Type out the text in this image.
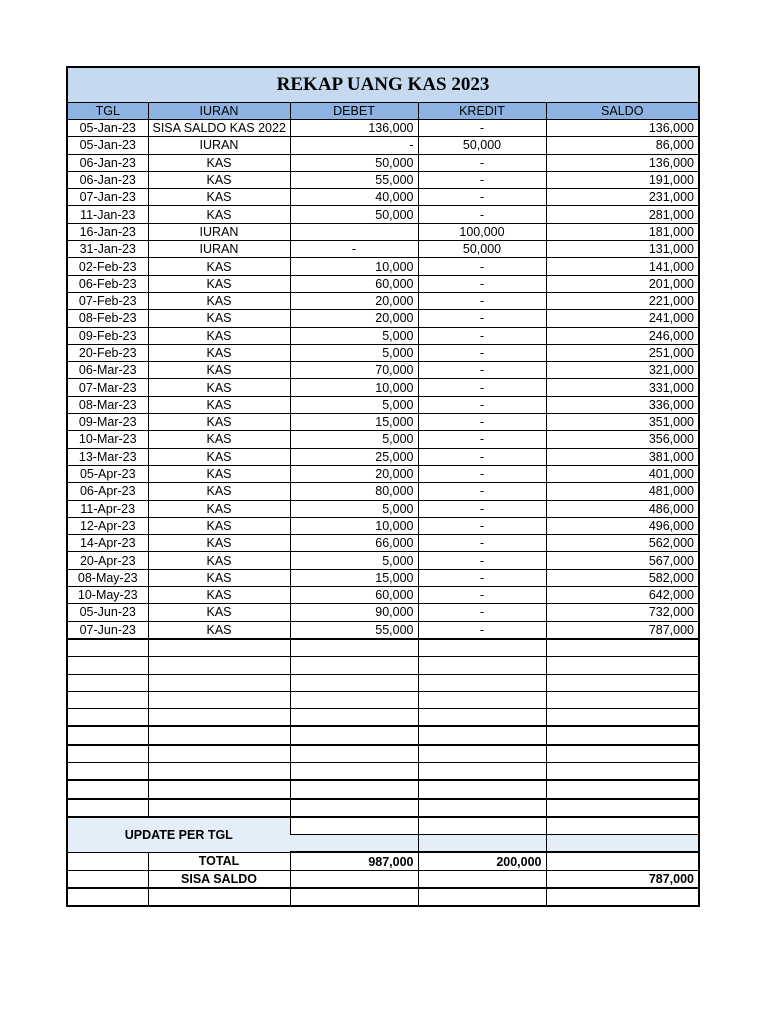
REKAP UANG KAS 2023
TGL	IURAN	DEBET	KREDIT	SALDO
05-Jan-23	SISA SALDO KAS 2022	136,000	-	136,000
05-Jan-23	IURAN	-	50,000	86,000
06-Jan-23	KAS	50,000	-	136,000
06-Jan-23	KAS	55,000	-	191,000
07-Jan-23	KAS	40,000	-	231,000
11-Jan-23	KAS	50,000	-	281,000
16-Jan-23	IURAN		100,000	181,000
31-Jan-23	IURAN	-	50,000	131,000
02-Feb-23	KAS	10,000	-	141,000
06-Feb-23	KAS	60,000	-	201,000
07-Feb-23	KAS	20,000	-	221,000
08-Feb-23	KAS	20,000	-	241,000
09-Feb-23	KAS	5,000	-	246,000
20-Feb-23	KAS	5,000	-	251,000
06-Mar-23	KAS	70,000	-	321,000
07-Mar-23	KAS	10,000	-	331,000
08-Mar-23	KAS	5,000	-	336,000
09-Mar-23	KAS	15,000	-	351,000
10-Mar-23	KAS	5,000	-	356,000
13-Mar-23	KAS	25,000	-	381,000
05-Apr-23	KAS	20,000	-	401,000
06-Apr-23	KAS	80,000	-	481,000
11-Apr-23	KAS	5,000	-	486,000
12-Apr-23	KAS	10,000	-	496,000
14-Apr-23	KAS	66,000	-	562,000
20-Apr-23	KAS	5,000	-	567,000
08-May-23	KAS	15,000	-	582,000
10-May-23	KAS	60,000	-	642,000
05-Jun-23	KAS	90,000	-	732,000
07-Jun-23	KAS	55,000	-	787,000

UPDATE PER TGL				

	TOTAL	987,000	200,000	
	SISA SALDO			787,000
